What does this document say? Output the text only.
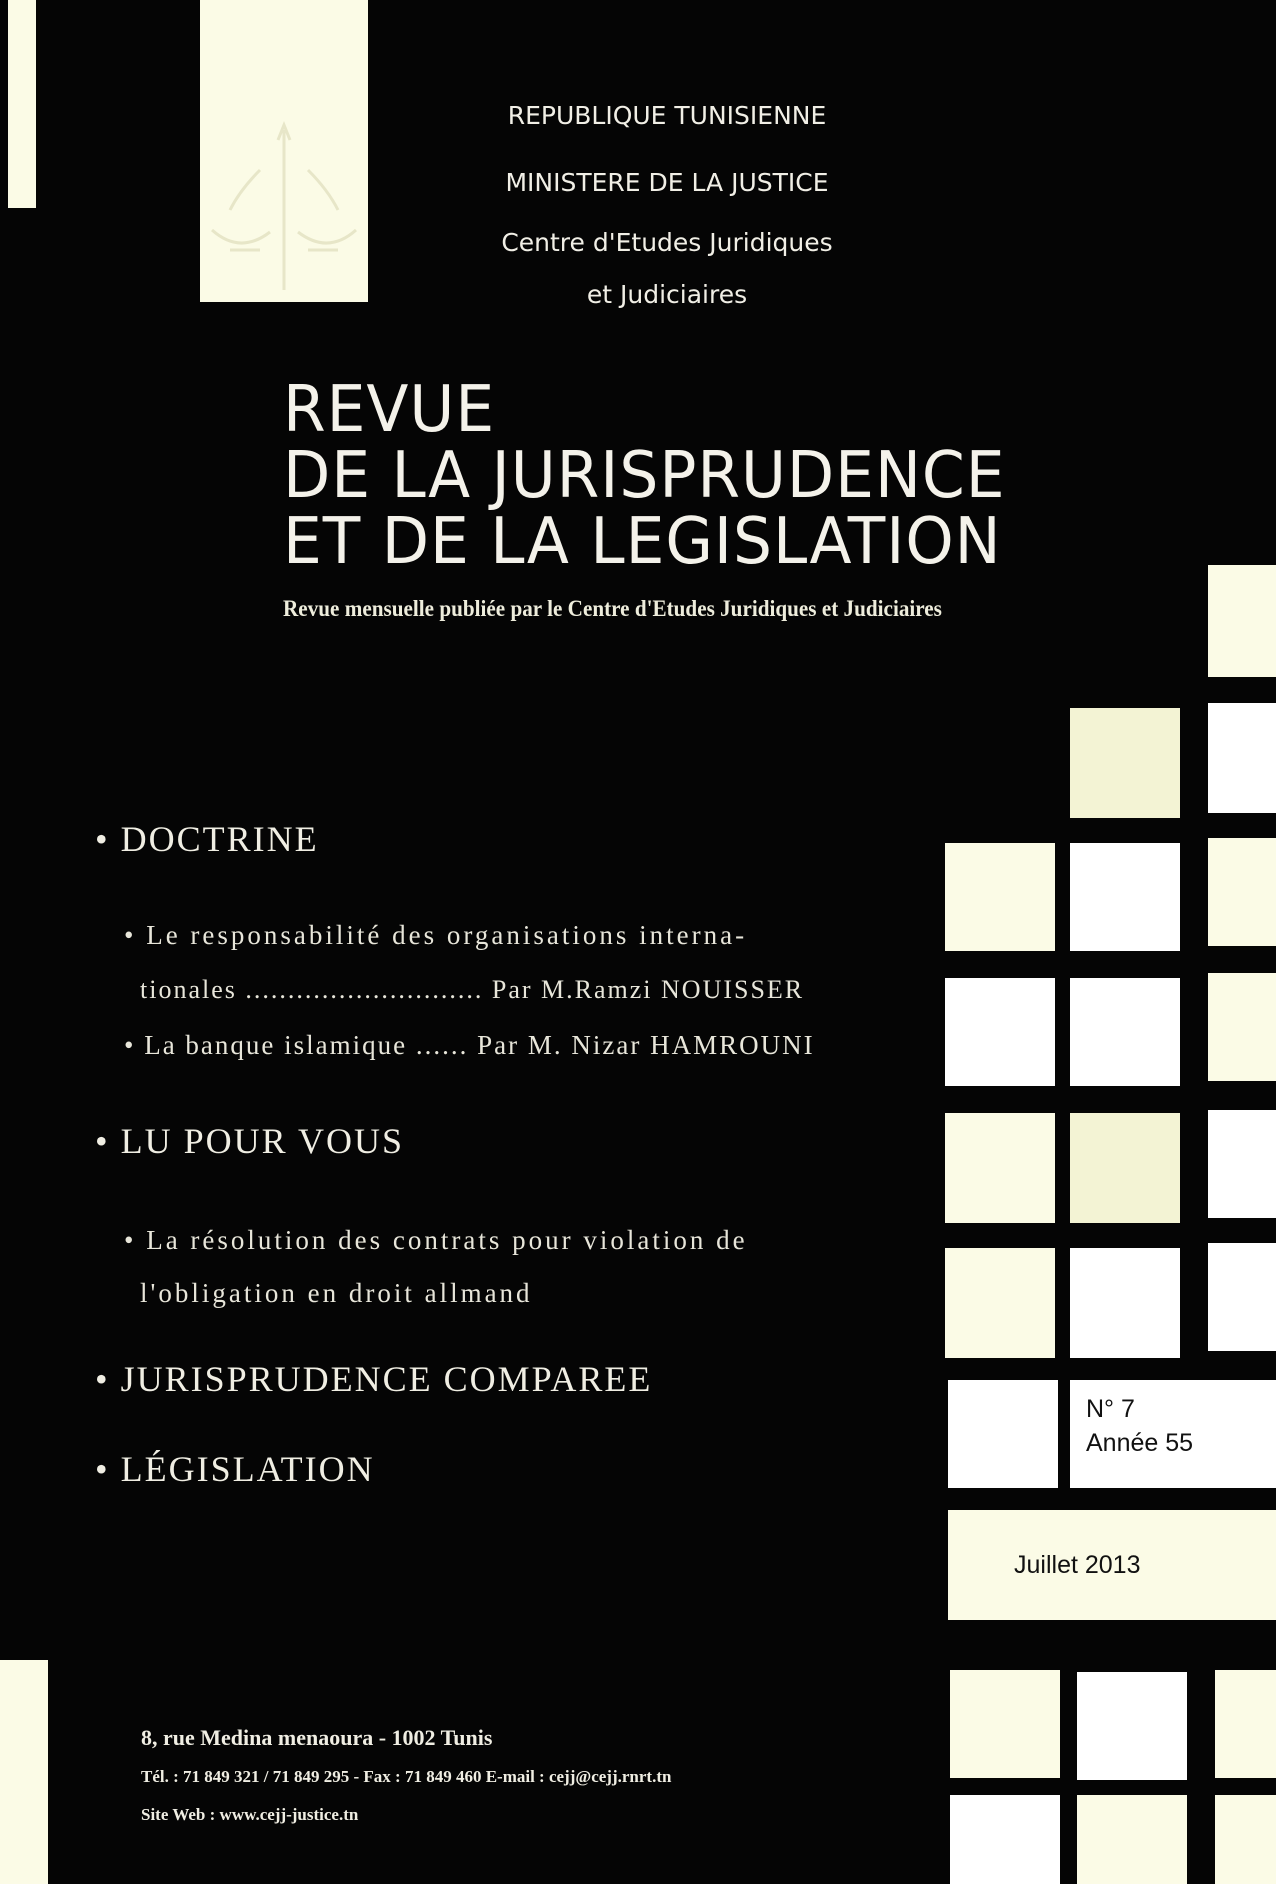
REPUBLIQUE TUNISIENNE
MINISTERE DE LA JUSTICE
Centre d'Etudes Juridiques
et Judiciaires
REVUE
DE LA JURISPRUDENCE
ET DE LA LEGISLATION
Revue mensuelle publiée par le Centre d'Etudes Juridiques et Judiciaires
• DOCTRINE
• Le responsabilité des organisations interna-
tionales ............................ Par M.Ramzi NOUISSER
• La banque islamique ...... Par M. Nizar HAMROUNI
• LU POUR VOUS
• La résolution des contrats pour violation de
l'obligation en droit allmand
• JURISPRUDENCE COMPAREE
• LÉGISLATION
N° 7
Année 55
Juillet 2013
8, rue Medina menaoura - 1002 Tunis
Tél. : 71 849 321 / 71 849 295 - Fax : 71 849 460 E-mail : cejj@cejj.rnrt.tn
Site Web : www.cejj-justice.tn
